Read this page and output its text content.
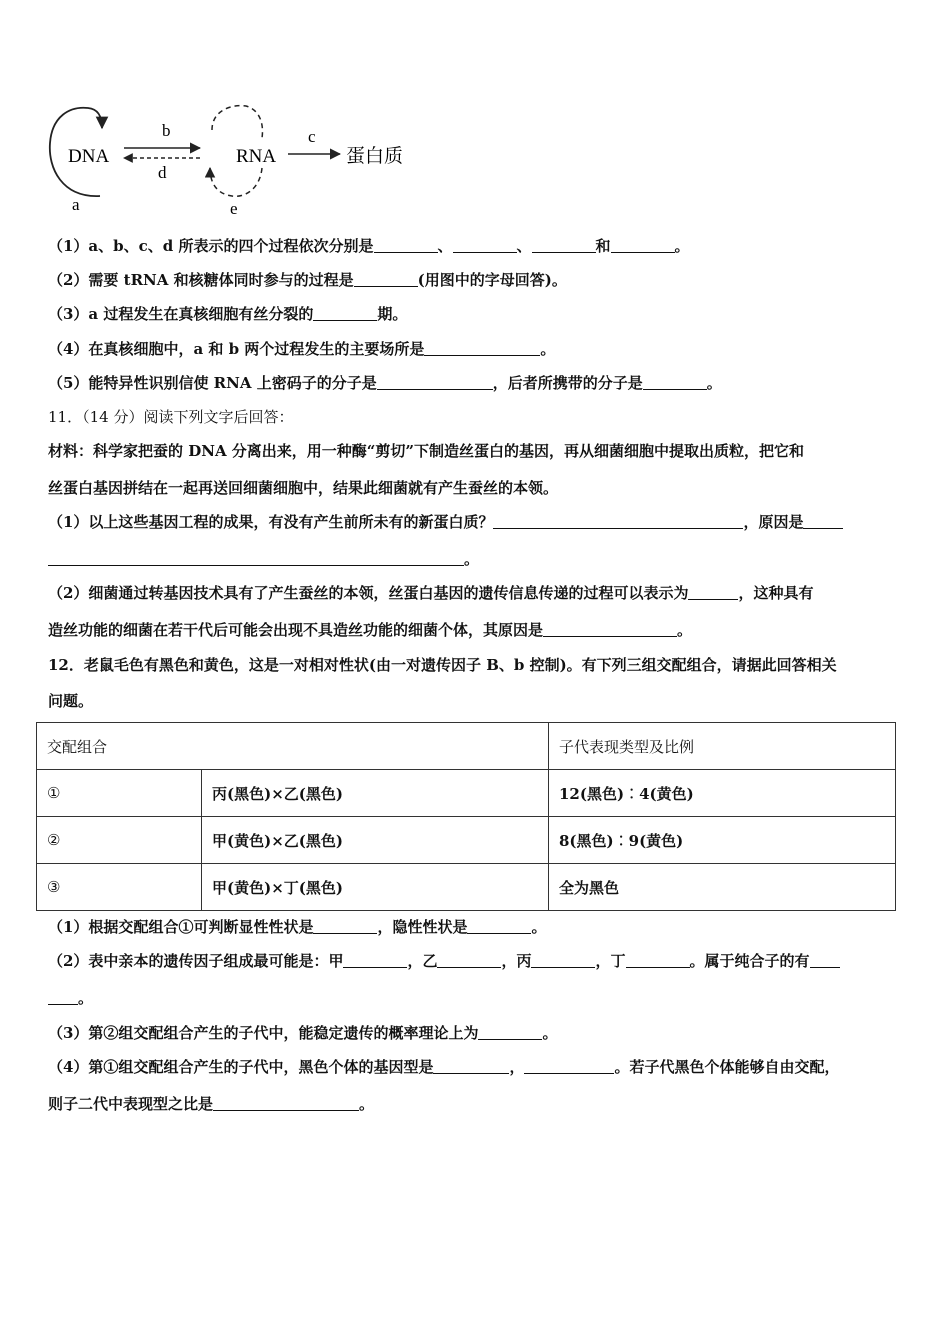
a
DNA
b
d
e
RNA
c
蛋白质
（1）a、b、c、d 所表示的四个过程依次分别是	、	、	和	。
（2）需要 tRNA 和核糖体同时参与的过程是	(用图中的字母回答)。
（3）a 过程发生在真核细胞有丝分裂的	期。
（4）在真核细胞中，a 和 b 两个过程发生的主要场所是	。
（5）能特异性识别信使 RNA 上密码子的分子是	，后者所携带的分子是	。
11．（14 分）阅读下列文字后回答：
材料：科学家把蚕的 DNA 分离出来，用一种酶“剪切”下制造丝蛋白的基因，再从细菌细胞中提取出质粒，把它和
丝蛋白基因拼结在一起再送回细菌细胞中，结果此细菌就有产生蚕丝的本领。
（1）以上这些基因工程的成果，有没有产生前所未有的新蛋白质？	，原因是
。
（2）细菌通过转基因技术具有了产生蚕丝的本领，丝蛋白基因的遗传信息传递的过程可以表示为	，这种具有
造丝功能的细菌在若干代后可能会出现不具造丝功能的细菌个体，其原因是	。
12．老鼠毛色有黑色和黄色，这是一对相对性状(由一对遗传因子 B、b 控制)。有下列三组交配组合，请据此回答相关
问题。
交配组合		子代表现类型及比例
①	丙(黑色)×乙(黑色)	12(黑色)︰4(黄色)
②	甲(黄色)×乙(黑色)	8(黑色)︰9(黄色)
③	甲(黄色)×丁(黑色)	全为黑色
（1）根据交配组合①可判断显性性状是	，隐性性状是	。
（2）表中亲本的遗传因子组成最可能是：甲	，乙	，丙	，丁	。属于纯合子的有
。
（3）第②组交配组合产生的子代中，能稳定遗传的概率理论上为	。
（4）第①组交配组合产生的子代中，黑色个体的基因型是	，	。若子代黑色个体能够自由交配，
则子二代中表现型之比是	。
